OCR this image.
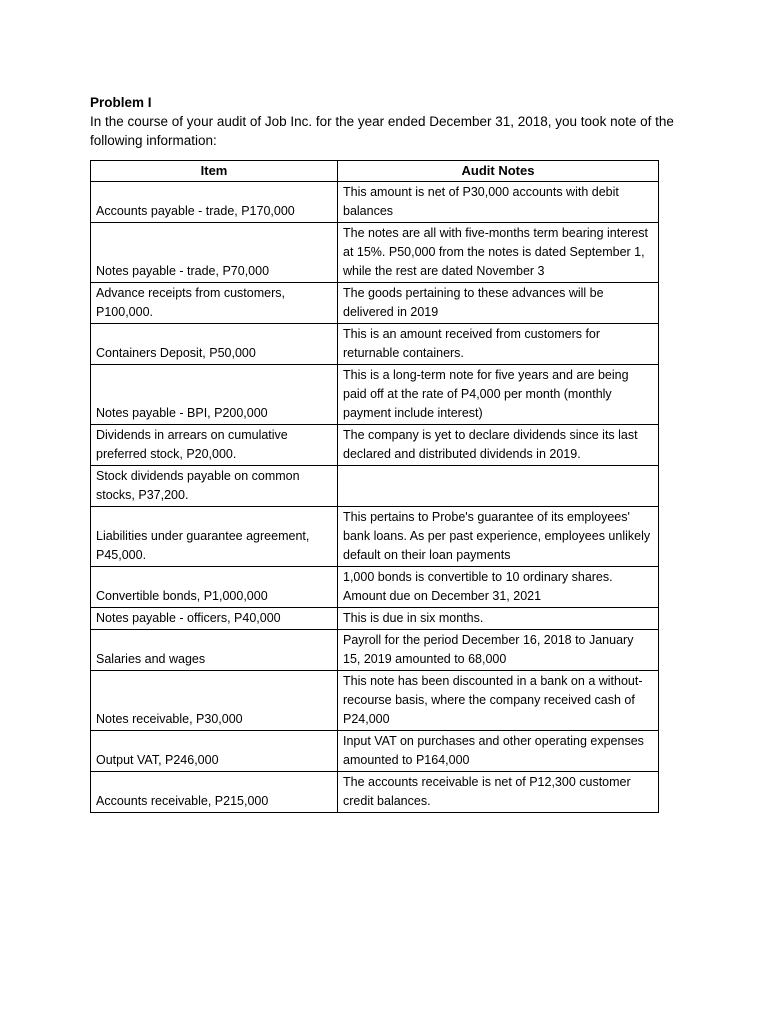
Problem I

In the course of your audit of Job Inc. for the year ended December 31, 2018, you took note of the following information:

Item	Audit Notes
Accounts payable - trade, P170,000	This amount is net of P30,000 accounts with debit balances
Notes payable - trade, P70,000	The notes are all with five-months term bearing interest at 15%. P50,000 from the notes is dated September 1, while the rest are dated November 3
Advance receipts from customers, P100,000.	The goods pertaining to these advances will be delivered in 2019
Containers Deposit, P50,000	This is an amount received from customers for returnable containers.
Notes payable - BPI, P200,000	This is a long-term note for five years and are being paid off at the rate of P4,000 per month (monthly payment include interest)
Dividends in arrears on cumulative preferred stock, P20,000.	The company is yet to declare dividends since its last declared and distributed dividends in 2019.
Stock dividends payable on common stocks, P37,200.	
Liabilities under guarantee agreement, P45,000.	This pertains to Probe's guarantee of its employees' bank loans. As per past experience, employees unlikely default on their loan payments
Convertible bonds, P1,000,000	1,000 bonds is convertible to 10 ordinary shares. Amount due on December 31, 2021
Notes payable - officers, P40,000	This is due in six months.
Salaries and wages	Payroll for the period December 16, 2018 to January 15, 2019 amounted to 68,000
Notes receivable, P30,000	This note has been discounted in a bank on a without-recourse basis, where the company received cash of P24,000
Output VAT, P246,000	Input VAT on purchases and other operating expenses amounted to P164,000
Accounts receivable, P215,000	The accounts receivable is net of P12,300 customer credit balances.
